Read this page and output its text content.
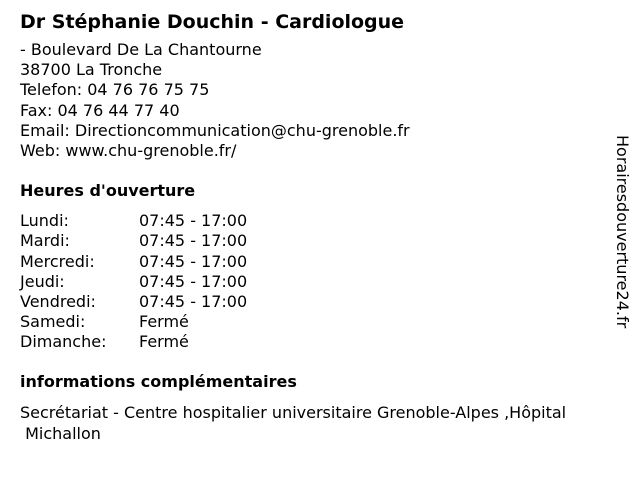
Dr Stéphanie Douchin - Cardiologue
- Boulevard De La Chantourne
38700 La Tronche
Telefon: 04 76 76 75 75
Fax: 04 76 44 77 40
Email: Directioncommunication@chu-grenoble.fr
Web: www.chu-grenoble.fr/
Heures d'ouverture
Lundi:	07:45 - 17:00
Mardi:	07:45 - 17:00
Mercredi:	07:45 - 17:00
Jeudi:	07:45 - 17:00
Vendredi:	07:45 - 17:00
Samedi:	Fermé
Dimanche: Fermé
informations complémentaires
Secrétariat - Centre hospitalier universitaire Grenoble-Alpes ,Hôpital
Michallon
Horairesdouverture24.fr
